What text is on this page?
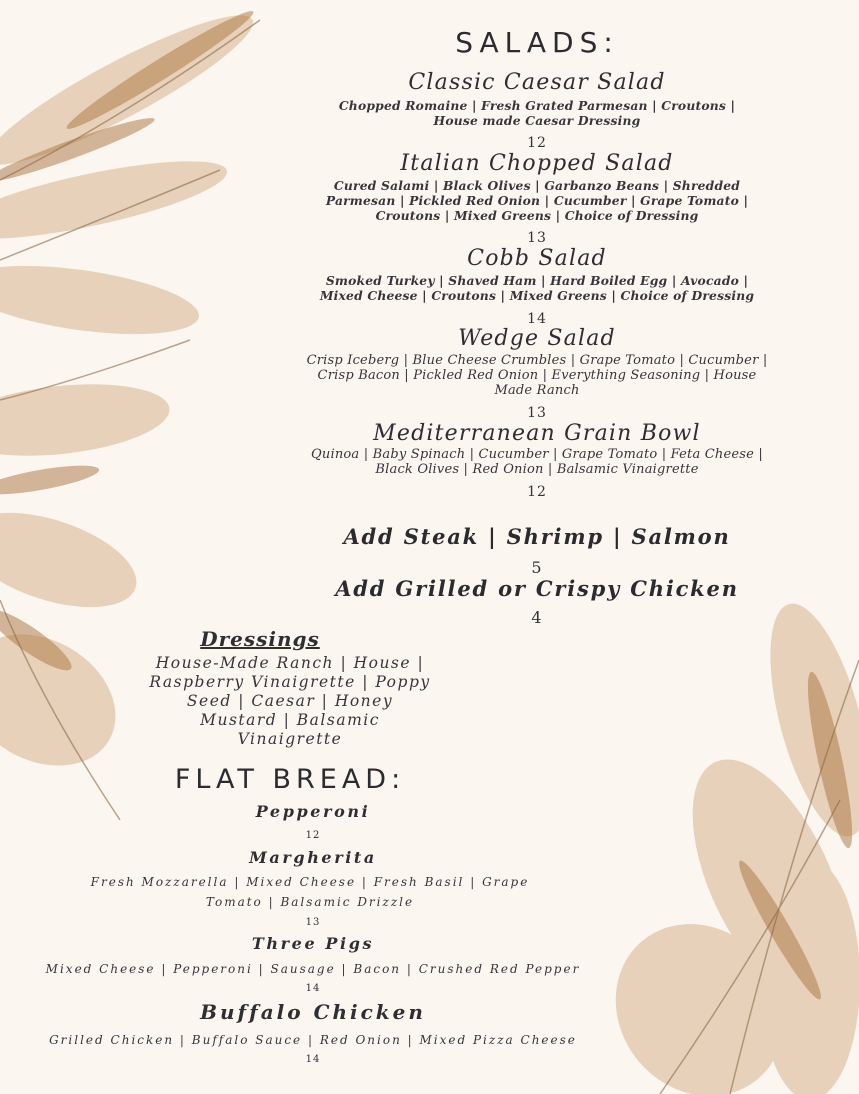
SALADS:
Classic Caesar Salad
Chopped Romaine | Fresh Grated Parmesan | Croutons | House made Caesar Dressing
12
Italian Chopped Salad
Cured Salami | Black Olives | Garbanzo Beans | Shredded Parmesan | Pickled Red Onion | Cucumber | Grape Tomato | Croutons | Mixed Greens | Choice of Dressing
13
Cobb Salad
Smoked Turkey | Shaved Ham | Hard Boiled Egg | Avocado | Mixed Cheese | Croutons | Mixed Greens | Choice of Dressing
14
Wedge Salad
Crisp Iceberg | Blue Cheese Crumbles | Grape Tomato | Cucumber | Crisp Bacon | Pickled Red Onion | Everything Seasoning | House Made Ranch
13
Mediterranean Grain Bowl
Quinoa | Baby Spinach | Cucumber | Grape Tomato | Feta Cheese | Black Olives | Red Onion | Balsamic Vinaigrette
12
Add Steak | Shrimp | Salmon
5
Add Grilled or Crispy Chicken
4
Dressings
House-Made Ranch | House | Raspberry Vinaigrette | Poppy Seed | Caesar | Honey Mustard | Balsamic Vinaigrette
FLAT BREAD:
Pepperoni
12
Margherita
Fresh Mozzarella | Mixed Cheese | Fresh Basil | Grape Tomato | Balsamic Drizzle
13
Three Pigs
Mixed Cheese | Pepperoni | Sausage | Bacon | Crushed Red Pepper
14
Buffalo Chicken
Grilled Chicken | Buffalo Sauce | Red Onion | Mixed Pizza Cheese
14
